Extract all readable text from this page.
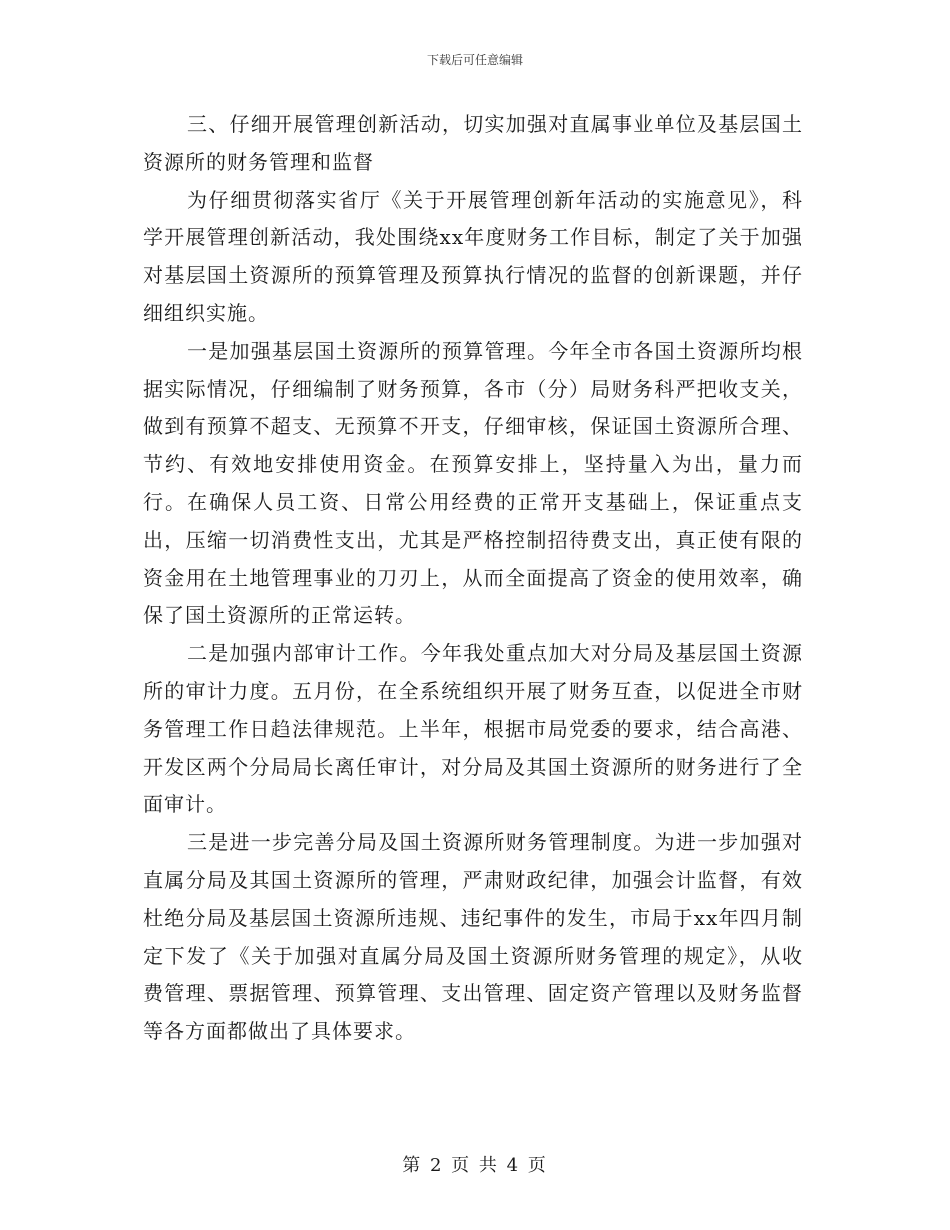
下载后可任意编辑

三、仔细开展管理创新活动，切实加强对直属事业单位及基层国土资源所的财务管理和监督

为仔细贯彻落实省厅《关于开展管理创新年活动的实施意见》，科学开展管理创新活动，我处围绕xx年度财务工作目标，制定了关于加强对基层国土资源所的预算管理及预算执行情况的监督的创新课题，并仔细组织实施。

一是加强基层国土资源所的预算管理。今年全市各国土资源所均根据实际情况，仔细编制了财务预算，各市（分）局财务科严把收支关，做到有预算不超支、无预算不开支，仔细审核，保证国土资源所合理、节约、有效地安排使用资金。在预算安排上，坚持量入为出，量力而行。在确保人员工资、日常公用经费的正常开支基础上，保证重点支出，压缩一切消费性支出，尤其是严格控制招待费支出，真正使有限的资金用在土地管理事业的刀刃上，从而全面提高了资金的使用效率，确保了国土资源所的正常运转。

二是加强内部审计工作。今年我处重点加大对分局及基层国土资源所的审计力度。五月份，在全系统组织开展了财务互查，以促进全市财务管理工作日趋法律规范。上半年，根据市局党委的要求，结合高港、开发区两个分局局长离任审计，对分局及其国土资源所的财务进行了全面审计。

三是进一步完善分局及国土资源所财务管理制度。为进一步加强对直属分局及其国土资源所的管理，严肃财政纪律，加强会计监督，有效杜绝分局及基层国土资源所违规、违纪事件的发生，市局于xx年四月制定下发了《关于加强对直属分局及国土资源所财务管理的规定》，从收费管理、票据管理、预算管理、支出管理、固定资产管理以及财务监督等各方面都做出了具体要求。

第 2 页 共 4 页
